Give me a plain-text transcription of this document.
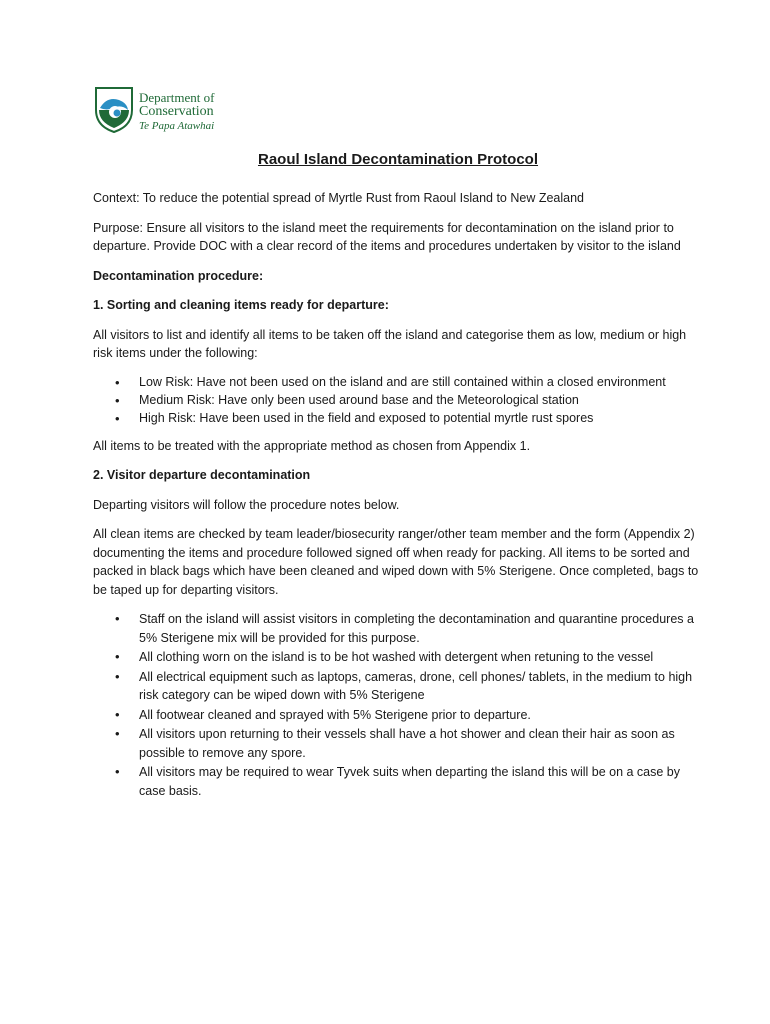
Department of
Conservation
Te Papa Atawhai
Raoul Island Decontamination Protocol

Context: To reduce the potential spread of Myrtle Rust from Raoul Island to New Zealand

Purpose: Ensure all visitors to the island meet the requirements for decontamination on the island prior to departure. Provide DOC with a clear record of the items and procedures undertaken by visitor to the island

Decontamination procedure:

1. Sorting and cleaning items ready for departure:

All visitors to list and identify all items to be taken off the island and categorise them as low, medium or high risk items under the following:

• Low Risk: Have not been used on the island and are still contained within a closed environment
• Medium Risk: Have only been used around base and the Meteorological station
• High Risk: Have been used in the field and exposed to potential myrtle rust spores

All items to be treated with the appropriate method as chosen from Appendix 1.

2. Visitor departure decontamination

Departing visitors will follow the procedure notes below.

All clean items are checked by team leader/biosecurity ranger/other team member and the form (Appendix 2) documenting the items and procedure followed signed off when ready for packing. All items to be sorted and packed in black bags which have been cleaned and wiped down with 5% Sterigene. Once completed, bags to be taped up for departing visitors.

• Staff on the island will assist visitors in completing the decontamination and quarantine procedures a 5% Sterigene mix will be provided for this purpose.
• All clothing worn on the island is to be hot washed with detergent when retuning to the vessel
• All electrical equipment such as laptops, cameras, drone, cell phones/ tablets, in the medium to high risk category can be wiped down with 5% Sterigene
• All footwear cleaned and sprayed with 5% Sterigene prior to departure.
• All visitors upon returning to their vessels shall have a hot shower and clean their hair as soon as possible to remove any spore.
• All visitors may be required to wear Tyvek suits when departing the island this will be on a case by case basis.
